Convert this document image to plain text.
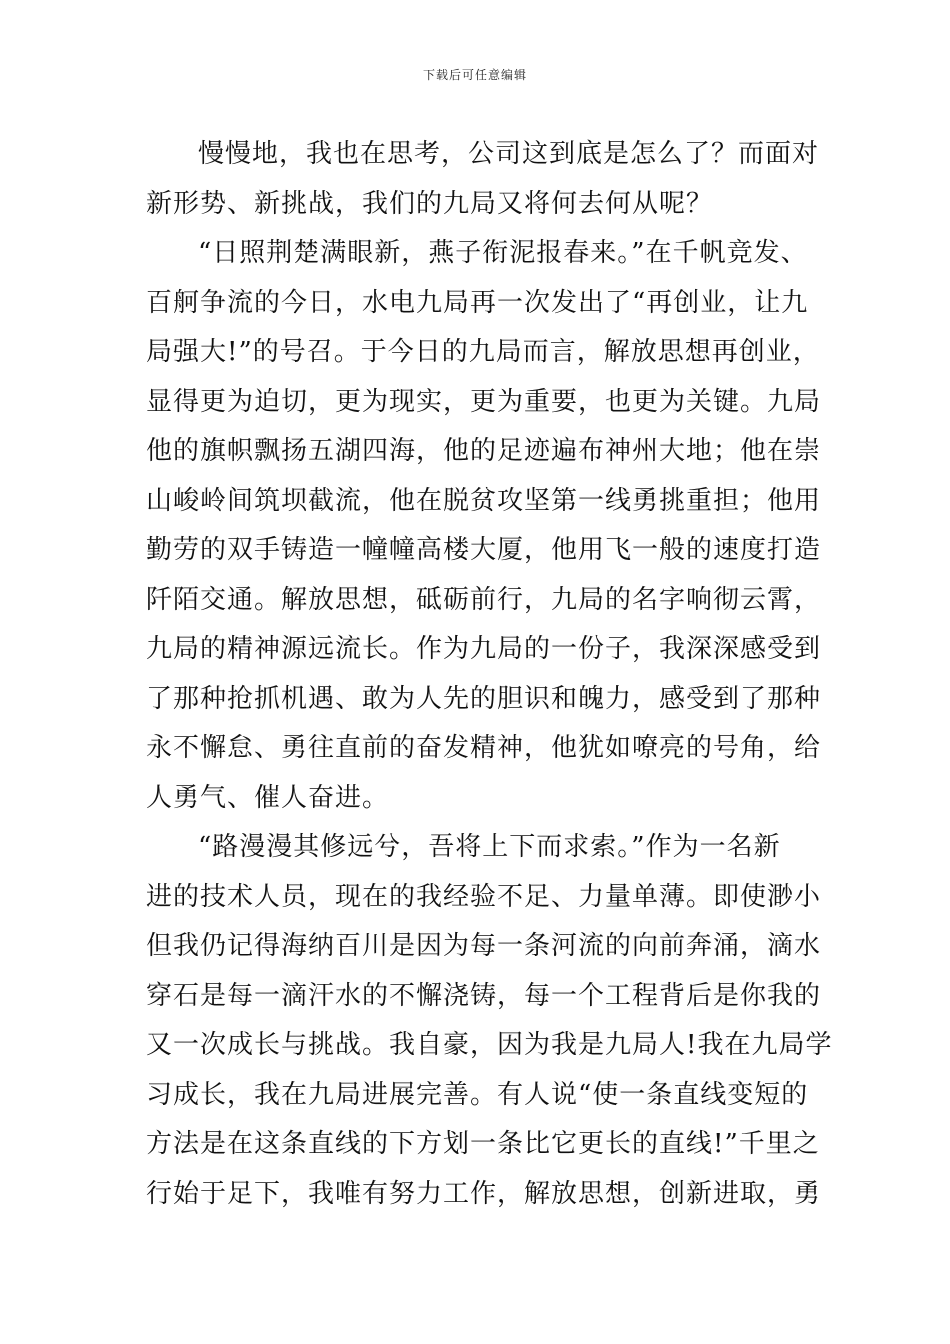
下载后可任意编辑
慢慢地，我也在思考，公司这到底是怎么了？而面对
新形势、新挑战，我们的九局又将何去何从呢？
“日照荆楚满眼新，燕子衔泥报春来。”在千帆竞发、
百舸争流的今日，水电九局再一次发出了“再创业，让九
局强大!”的号召。于今日的九局而言，解放思想再创业，
显得更为迫切，更为现实，更为重要，也更为关键。九局
他的旗帜飘扬五湖四海，他的足迹遍布神州大地；他在崇
山峻岭间筑坝截流，他在脱贫攻坚第一线勇挑重担；他用
勤劳的双手铸造一幢幢高楼大厦，他用飞一般的速度打造
阡陌交通。解放思想，砥砺前行，九局的名字响彻云霄，
九局的精神源远流长。作为九局的一份子，我深深感受到
了那种抢抓机遇、敢为人先的胆识和魄力，感受到了那种
永不懈怠、勇往直前的奋发精神，他犹如嘹亮的号角，给
人勇气、催人奋进。
“路漫漫其修远兮，吾将上下而求索。”作为一名新
进的技术人员，现在的我经验不足、力量单薄。即使渺小
但我仍记得海纳百川是因为每一条河流的向前奔涌，滴水
穿石是每一滴汗水的不懈浇铸，每一个工程背后是你我的
又一次成长与挑战。我自豪，因为我是九局人!我在九局学
习成长，我在九局进展完善。有人说“使一条直线变短的
方法是在这条直线的下方划一条比它更长的直线!”千里之
行始于足下，我唯有努力工作，解放思想，创新进取，勇
